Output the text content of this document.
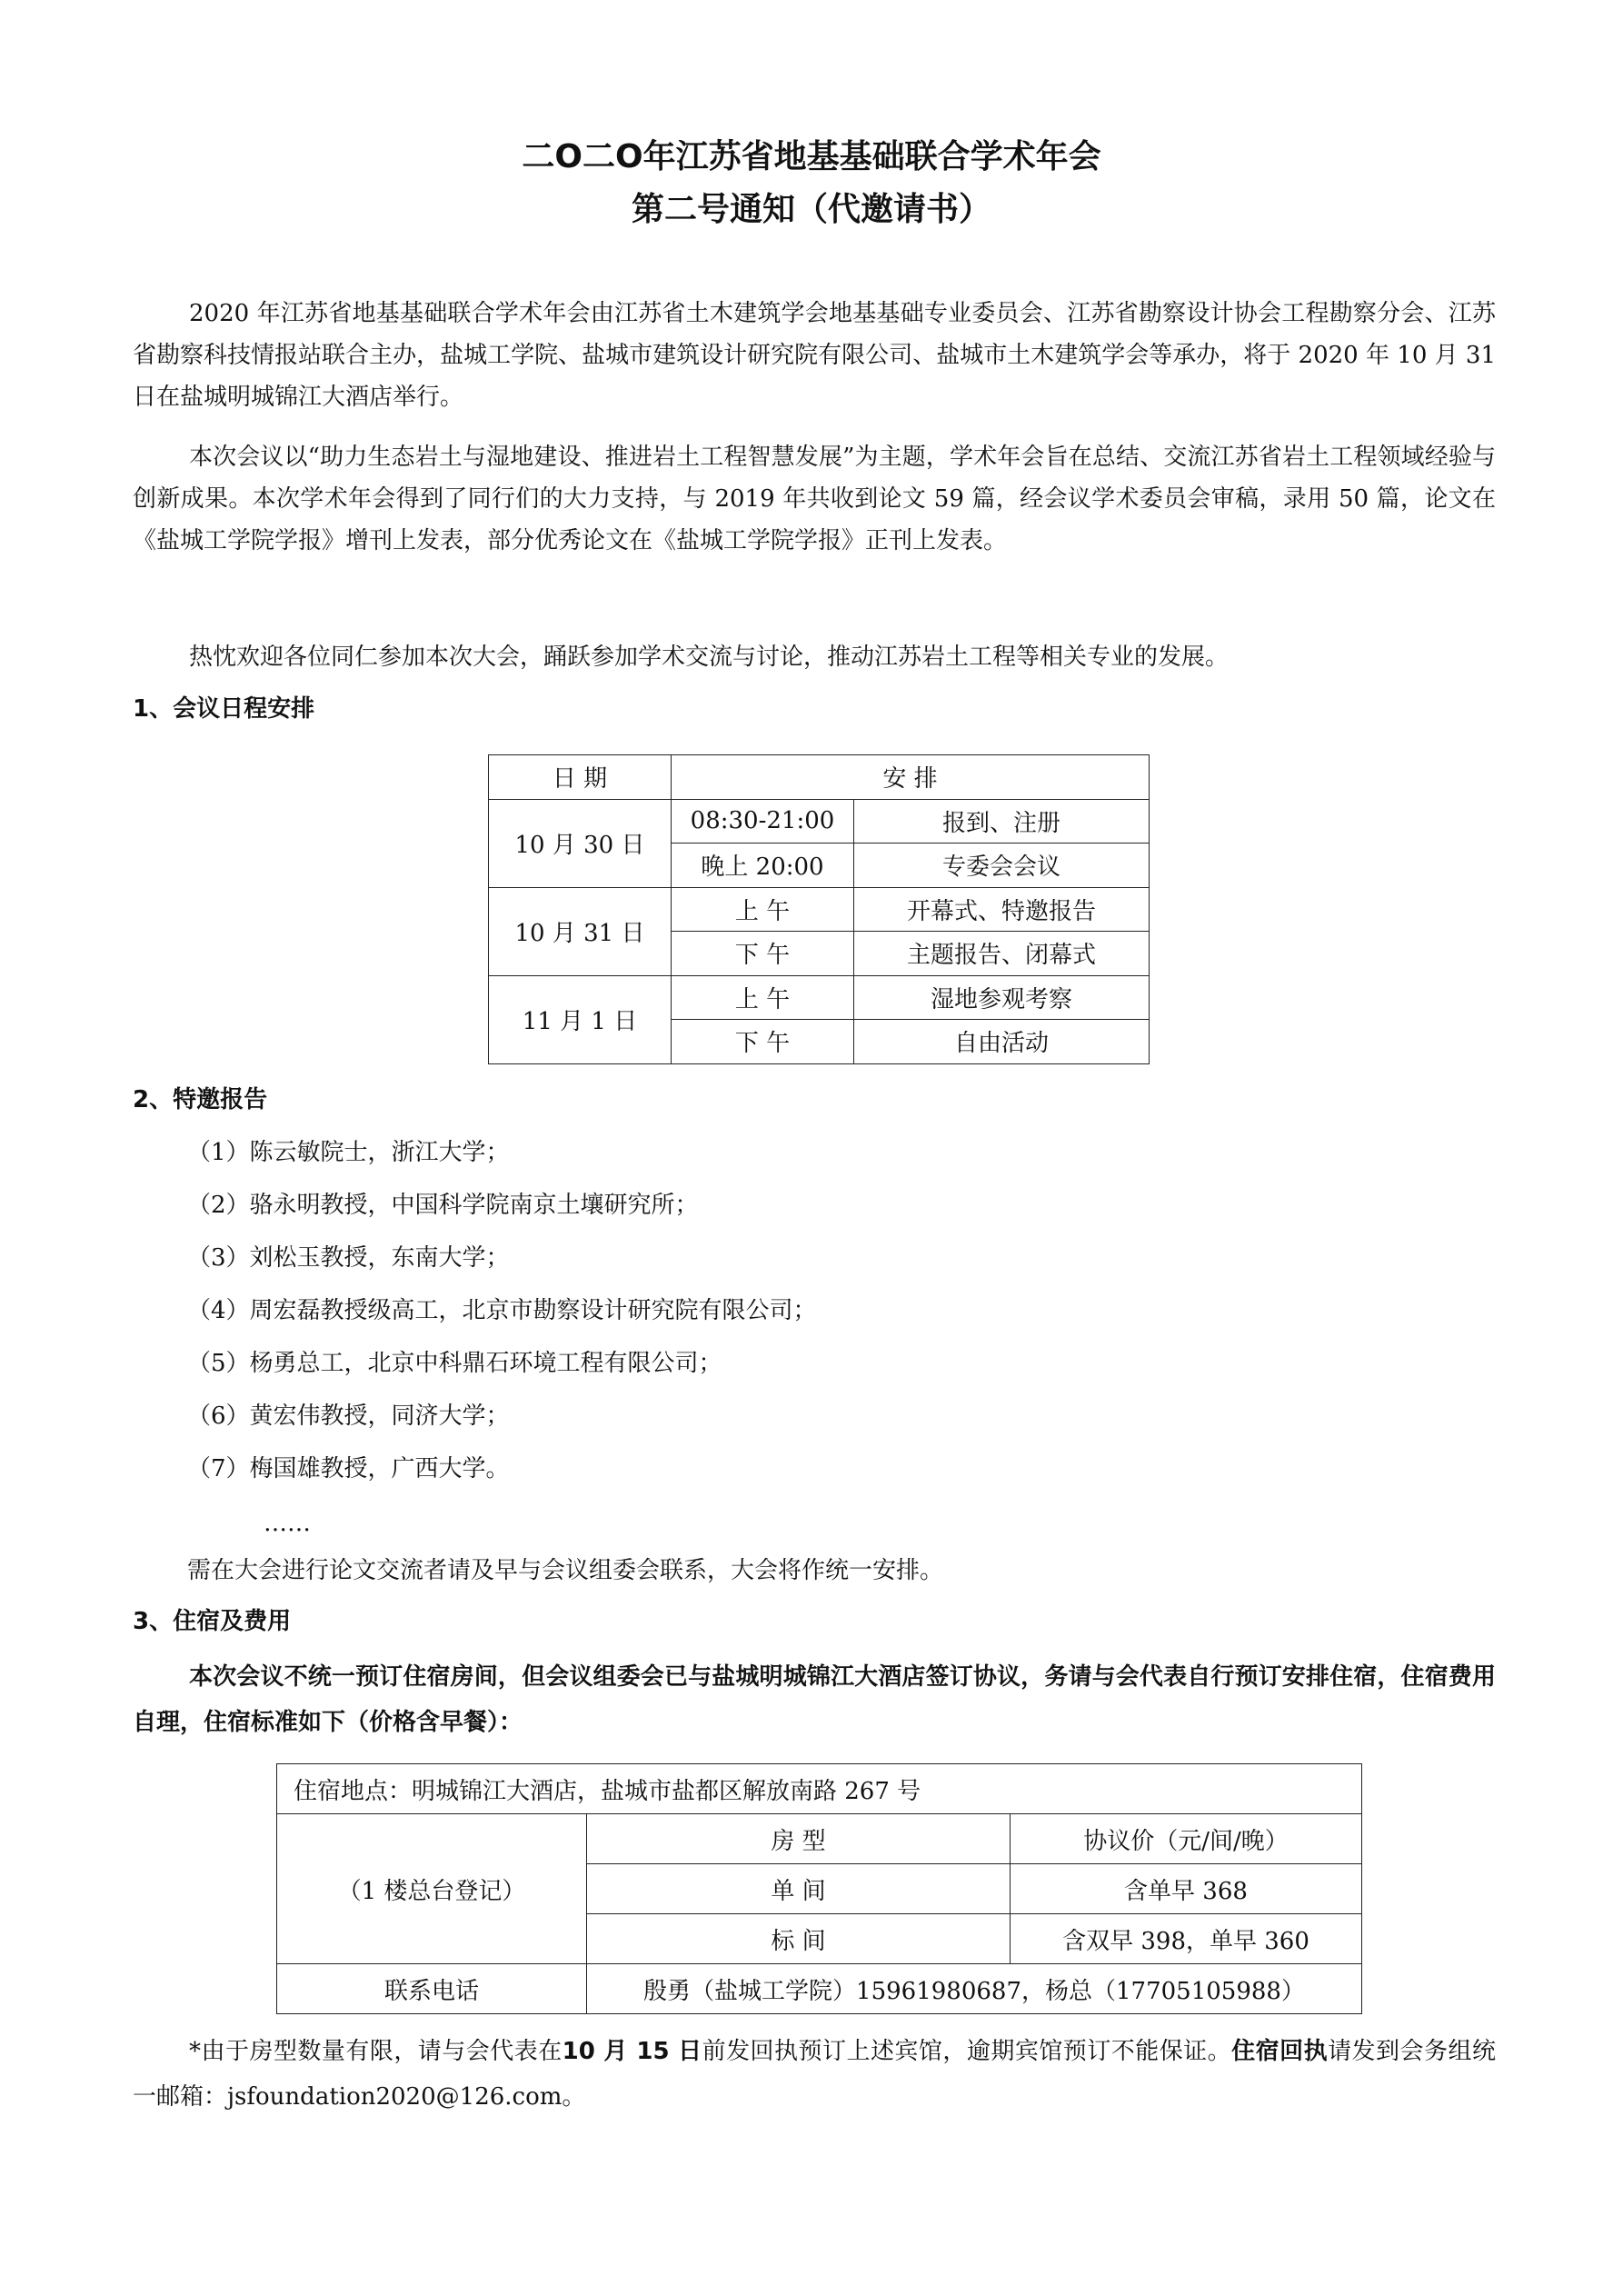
二O二O年江苏省地基基础联合学术年会
第二号通知（代邀请书）

2020 年江苏省地基基础联合学术年会由江苏省土木建筑学会地基基础专业委员会、江苏省勘察设计协会工程勘察分会、江苏省勘察科技情报站联合主办，盐城工学院、盐城市建筑设计研究院有限公司、盐城市土木建筑学会等承办，将于 2020 年 10 月 31 日在盐城明城锦江大酒店举行。

本次会议以“助力生态岩土与湿地建设、推进岩土工程智慧发展”为主题，学术年会旨在总结、交流江苏省岩土工程领域经验与创新成果。本次学术年会得到了同行们的大力支持，与 2019 年共收到论文 59 篇，经会议学术委员会审稿，录用 50 篇，论文在《盐城工学院学报》增刊上发表，部分优秀论文在《盐城工学院学报》正刊上发表。

热忱欢迎各位同仁参加本次大会，踊跃参加学术交流与讨论，推动江苏岩土工程等相关专业的发展。

1、会议日程安排

日 期	安 排	
10 月 30 日	08:30-21:00	报到、注册
	晚上 20:00	专委会会议
10 月 31 日	上 午	开幕式、特邀报告
	下 午	主题报告、闭幕式
11 月 1 日	上 午	湿地参观考察
	下 午	自由活动

2、特邀报告

（1）陈云敏院士，浙江大学；

（2）骆永明教授，中国科学院南京土壤研究所；

（3）刘松玉教授，东南大学；

（4）周宏磊教授级高工，北京市勘察设计研究院有限公司；

（5）杨勇总工，北京中科鼎石环境工程有限公司；

（6）黄宏伟教授，同济大学；

（7）梅国雄教授，广西大学。

……

需在大会进行论文交流者请及早与会议组委会联系，大会将作统一安排。

3、住宿及费用

本次会议不统一预订住宿房间，但会议组委会已与盐城明城锦江大酒店签订协议，务请与会代表自行预订安排住宿，住宿费用自理，住宿标准如下（价格含早餐）：

住宿地点：明城锦江大酒店，盐城市盐都区解放南路 267 号		
（1 楼总台登记）	房 型	协议价（元/间/晚）
	单 间	含单早 368
	标 间	含双早 398，单早 360
联系电话	殷勇（盐城工学院）15961980687，杨总（17705105988）	

*由于房型数量有限，请与会代表在10 月 15 日前发回执预订上述宾馆，逾期宾馆预订不能保证。住宿回执请发到会务组统一邮箱：jsfoundation2020@126.com。
